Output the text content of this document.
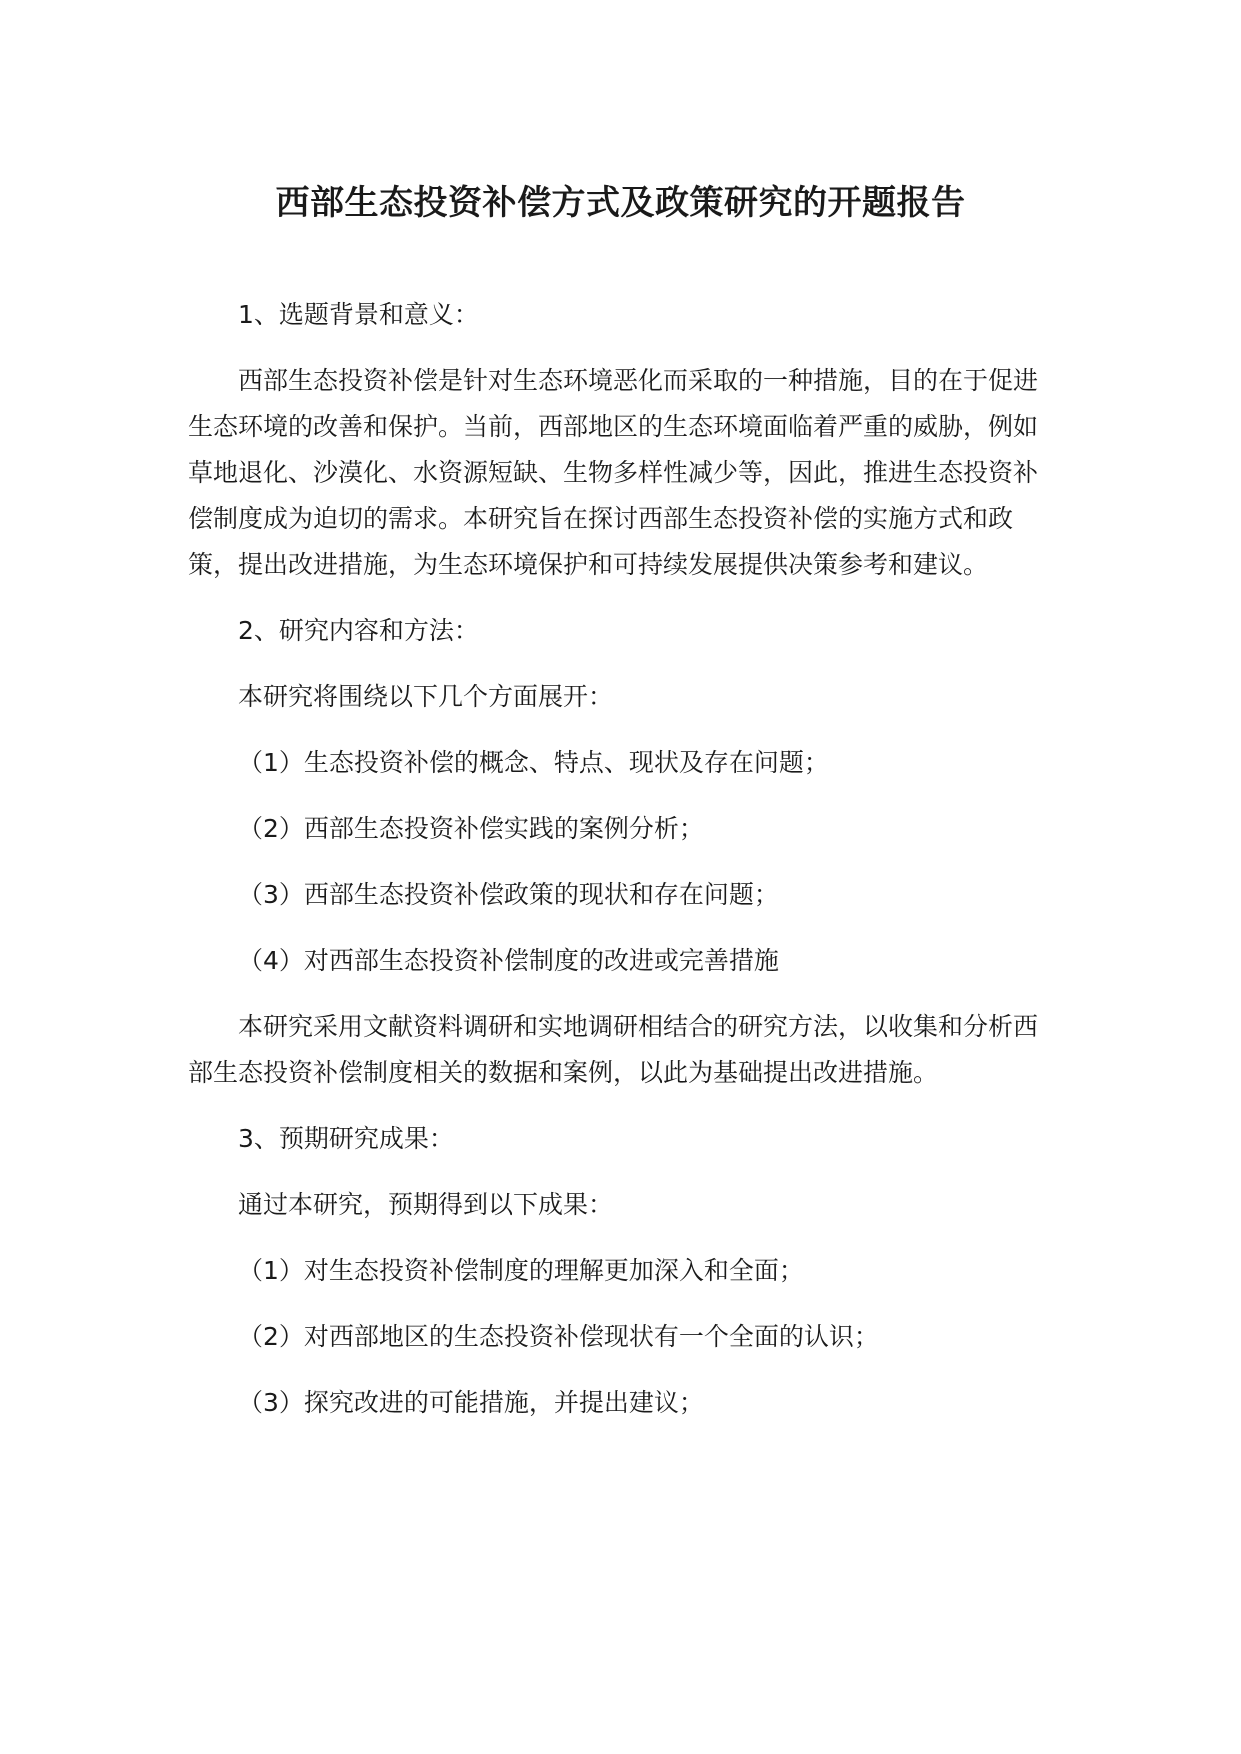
西部生态投资补偿方式及政策研究的开题报告

1、选题背景和意义：

西部生态投资补偿是针对生态环境恶化而采取的一种措施，目的在于促进生态环境的改善和保护。当前，西部地区的生态环境面临着严重的威胁，例如草地退化、沙漠化、水资源短缺、生物多样性减少等，因此，推进生态投资补偿制度成为迫切的需求。本研究旨在探讨西部生态投资补偿的实施方式和政策，提出改进措施，为生态环境保护和可持续发展提供决策参考和建议。

2、研究内容和方法：

本研究将围绕以下几个方面展开：

（1）生态投资补偿的概念、特点、现状及存在问题；

（2）西部生态投资补偿实践的案例分析；

（3）西部生态投资补偿政策的现状和存在问题；

（4）对西部生态投资补偿制度的改进或完善措施

本研究采用文献资料调研和实地调研相结合的研究方法，以收集和分析西部生态投资补偿制度相关的数据和案例，以此为基础提出改进措施。

3、预期研究成果：

通过本研究，预期得到以下成果：

（1）对生态投资补偿制度的理解更加深入和全面；

（2）对西部地区的生态投资补偿现状有一个全面的认识；

（3）探究改进的可能措施，并提出建议；
